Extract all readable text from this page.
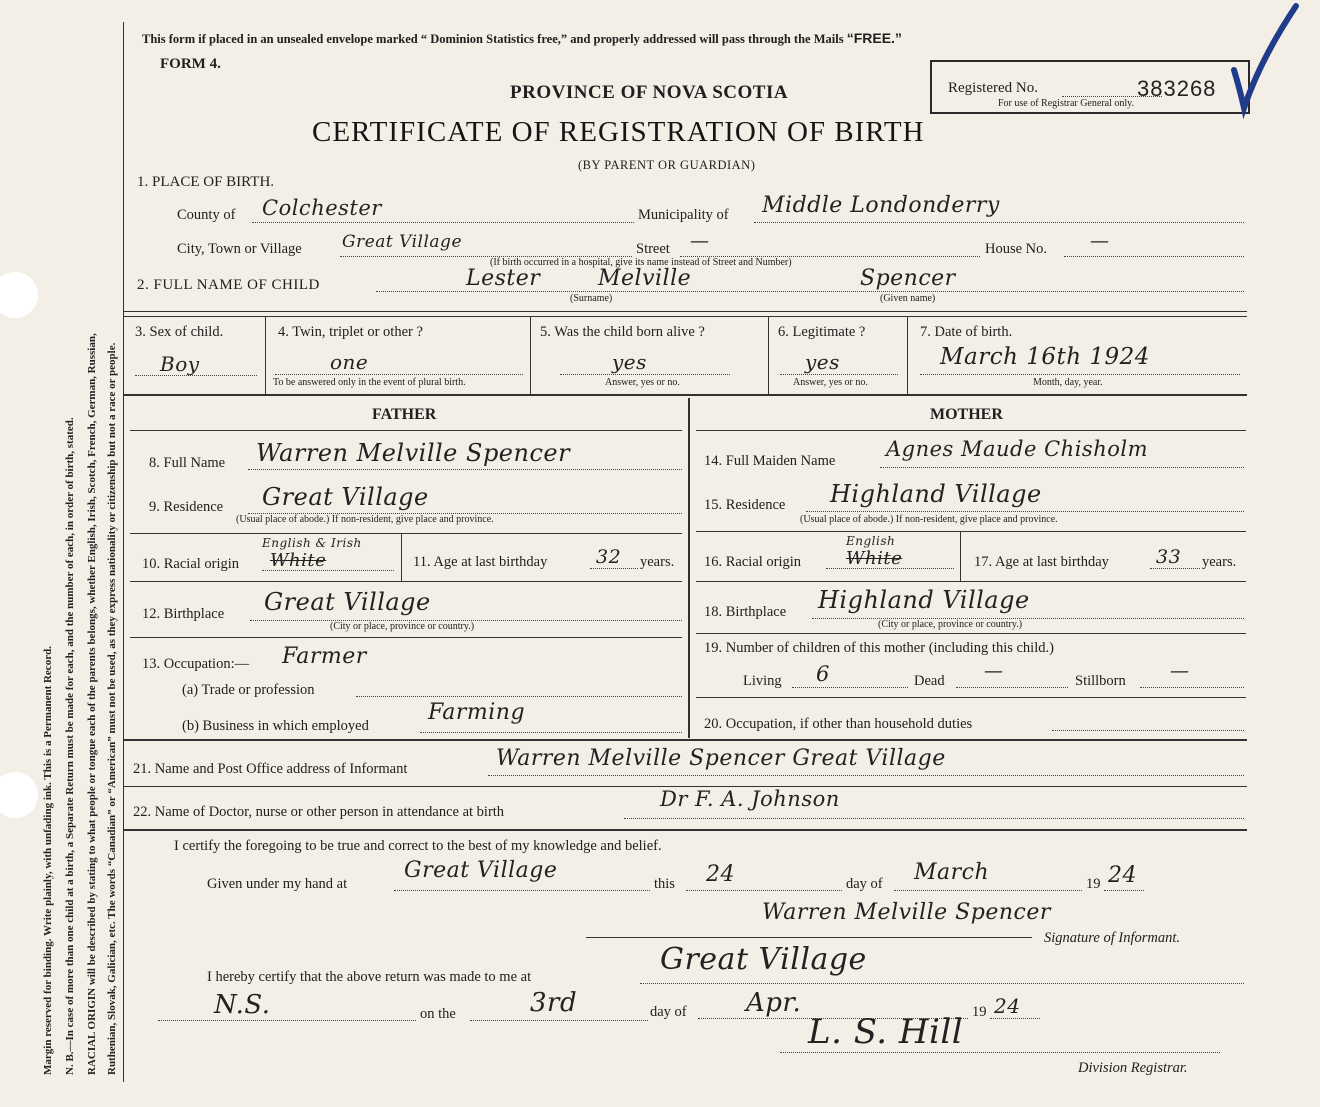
Margin reserved for binding. Write plainly, with unfading ink. This is a Permanent Record. N. B.—In case of more than one child at a birth, a Separate Return must be made for each, and the number of each, in order of birth, stated. RACIAL ORIGIN will be described by stating to what people or tongue each of the parents belongs, whether English, Irish, Scotch, French, German, Russian, Ruthenian, Slovak, Galician, etc. The words “Canadian” or “American” must not be used, as they express nationality or citizenship but not a race or people.
This form if placed in an unsealed envelope marked “ Dominion Statistics free,” and properly addressed will pass through the Mails “FREE.”
FORM 4.
PROVINCE OF NOVA SCOTIA
CERTIFICATE OF REGISTRATION OF BIRTH
(BY PARENT OR GUARDIAN)
Registered No.	383268
For use of Registrar General only.
1. PLACE OF BIRTH.
County of Colchester	Municipality of Middle Londonderry
City, Town or Village Great Village	Street —	House No. —
(If birth occurred in a hospital, give its name instead of Street and Number)
2. FULL NAME OF CHILD	Lester	Melville	Spencer
(Surname)	(Given name)
3. Sex of child.
Boy
4. Twin, triplet or other ?
one
To be answered only in the event of plural birth.
5. Was the child born alive ?
yes
Answer, yes or no.
6. Legitimate ?
yes
Answer, yes or no.
7. Date of birth.
March 16th 1924
Month, day, year.
FATHER	MOTHER
8. Full Name Warren Melville Spencer
9. Residence Great Village
(Usual place of abode.) If non-resident, give place and province.
10. Racial origin
English & Irish
White	11. Age at last birthday	32 years.
12. Birthplace Great Village
(City or place, province or country.)
13. Occupation:— Farmer
(a) Trade or profession
(b) Business in which employed
Farming
14. Full Maiden Name Agnes Maude Chisholm
15. Residence Highland Village
(Usual place of abode.) If non-resident, give place and province.
16. Racial origin
English
White	17. Age at last birthday 33 years.
18. Birthplace Highland Village
(City or place, province or country.)
19. Number of children of this mother (including this child.)
Living 6	Dead —	Stillborn —
20. Occupation, if other than household duties
21. Name and Post Office address of Informant	Warren Melville Spencer Great Village
22. Name of Doctor, nurse or other person in attendance at birth
Dr F. A. Johnson
I certify the foregoing to be true and correct to the best of my knowledge and belief.
Given under my hand at
Great Village
this 24	day of March	19 24
Warren Melville Spencer
Signature of Informant.
I hereby certify that the above return was made to me at	Great Village
N.S.	on the	3rd	day of Apr.	19 24
L. S. Hill
Division Registrar.
